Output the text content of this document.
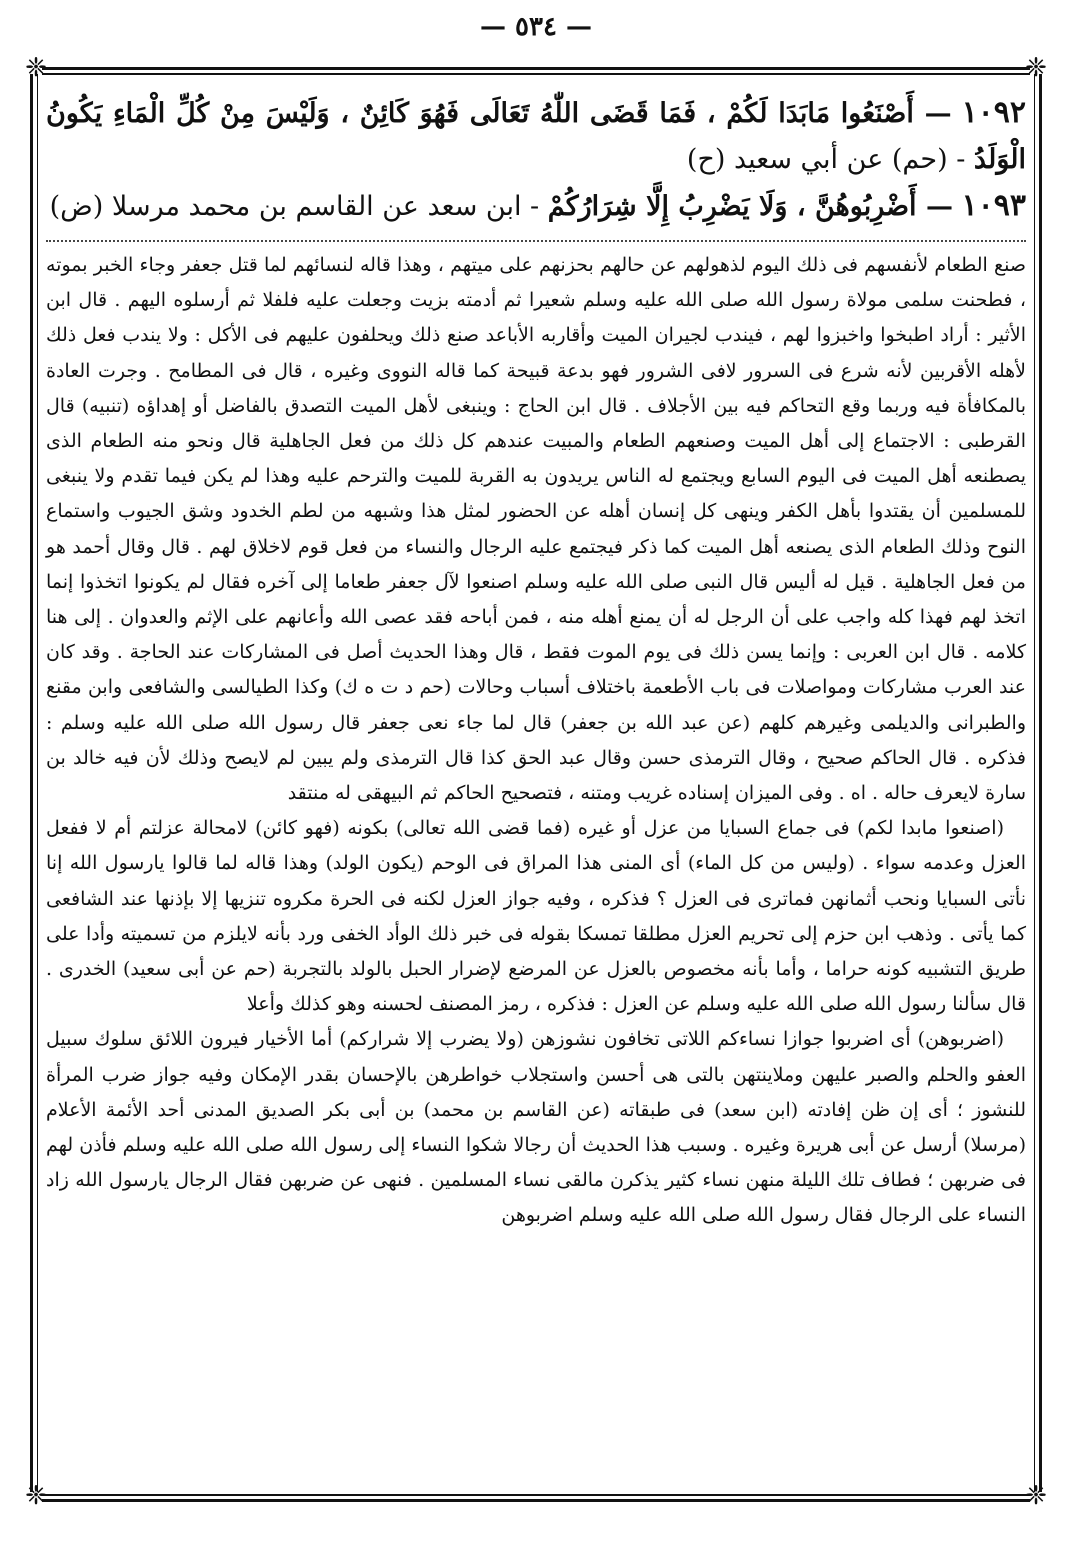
— ٥٣٤ —
❈	❈
❈	❈

١٠٩٢ — أَصْنَعُوا مَابَدَا لَكُمْ ، فَمَا قَضَى اللّٰهُ تَعَالَى فَهُوَ كَائِنٌ ، وَلَيْسَ مِنْ كُلِّ الْمَاءِ يَكُونُ الْوَلَدُ - (حم) عن أبي سعيد (ح)

١٠٩٣ — أَضْرِبُوهُنَّ ، وَلَا يَضْرِبُ إِلَّا شِرَارُكُمْ - ابن سعد عن القاسم بن محمد مرسلا (ض)

صنع الطعام لأنفسهم فى ذلك اليوم لذهولهم عن حالهم بحزنهم على ميتهم ، وهذا قاله لنسائهم لما قتل جعفر وجاء الخبر بموته ، فطحنت سلمى مولاة رسول الله صلى الله عليه وسلم شعيرا ثم أدمته بزيت وجعلت عليه فلفلا ثم أرسلوه اليهم . قال ابن الأثير : أراد اطبخوا واخبزوا لهم ، فيندب لجيران الميت وأقاربه الأباعد صنع ذلك ويحلفون عليهم فى الأكل : ولا يندب فعل ذلك لأهله الأقربين لأنه شرع فى السرور لافى الشرور فهو بدعة قبيحة كما قاله النووى وغيره ، قال فى المطامح . وجرت العادة بالمكافأة فيه وربما وقع التحاكم فيه بين الأجلاف . قال ابن الحاج : وينبغى لأهل الميت التصدق بالفاضل أو إهداؤه (تنبيه) قال القرطبى : الاجتماع إلى أهل الميت وصنعهم الطعام والمبيت عندهم كل ذلك من فعل الجاهلية قال ونحو منه الطعام الذى يصطنعه أهل الميت فى اليوم السابع ويجتمع له الناس يريدون به القربة للميت والترحم عليه وهذا لم يكن فيما تقدم ولا ينبغى للمسلمين أن يقتدوا بأهل الكفر وينهى كل إنسان أهله عن الحضور لمثل هذا وشبهه من لطم الخدود وشق الجيوب واستماع النوح وذلك الطعام الذى يصنعه أهل الميت كما ذكر فيجتمع عليه الرجال والنساء من فعل قوم لاخلاق لهم . قال وقال أحمد هو من فعل الجاهلية . قيل له أليس قال النبى صلى الله عليه وسلم اصنعوا لآل جعفر طعاما إلى آخره فقال لم يكونوا اتخذوا إنما اتخذ لهم فهذا كله واجب على أن الرجل له أن يمنع أهله منه ، فمن أباحه فقد عصى الله وأعانهم على الإثم والعدوان . إلى هنا كلامه . قال ابن العربى : وإنما يسن ذلك فى يوم الموت فقط ، قال وهذا الحديث أصل فى المشاركات عند الحاجة . وقد كان عند العرب مشاركات ومواصلات فى باب الأطعمة باختلاف أسباب وحالات (حم د ت ه ك) وكذا الطيالسى والشافعى وابن مقنع والطبرانى والديلمى وغيرهم كلهم (عن عبد الله بن جعفر) قال لما جاء نعى جعفر قال رسول الله صلى الله عليه وسلم : فذكره . قال الحاكم صحيح ، وقال الترمذى حسن وقال عبد الحق كذا قال الترمذى ولم يبين لم لايصح وذلك لأن فيه خالد بن سارة لايعرف حاله . اه . وفى الميزان إسناده غريب ومتنه ، فتصحيح الحاكم ثم البيهقى له منتقد

(اصنعوا مابدا لكم) فى جماع السبايا من عزل أو غيره (فما قضى الله تعالى) بكونه (فهو كائن) لامحالة عزلتم أم لا ففعل العزل وعدمه سواء . (وليس من كل الماء) أى المنى هذا المراق فى الوحم (يكون الولد) وهذا قاله لما قالوا يارسول الله إنا نأتى السبايا ونحب أثمانهن فماترى فى العزل ؟ فذكره ، وفيه جواز العزل لكنه فى الحرة مكروه تنزيها إلا بإذنها عند الشافعى كما يأتى . وذهب ابن حزم إلى تحريم العزل مطلقا تمسكا بقوله فى خبر ذلك الوأد الخفى ورد بأنه لايلزم من تسميته وأدا على طريق التشبيه كونه حراما ، وأما بأنه مخصوص بالعزل عن المرضع لإضرار الحبل بالولد بالتجربة (حم عن أبى سعيد) الخدرى . قال سألنا رسول الله صلى الله عليه وسلم عن العزل : فذكره ، رمز المصنف لحسنه وهو كذلك وأعلا

(اضربوهن) أى اضربوا جوازا نساءكم اللاتى تخافون نشوزهن (ولا يضرب إلا شراركم) أما الأخيار فيرون اللائق سلوك سبيل العفو والحلم والصبر عليهن وملاينتهن بالتى هى أحسن واستجلاب خواطرهن بالإحسان بقدر الإمكان وفيه جواز ضرب المرأة للنشوز ؛ أى إن ظن إفادته (ابن سعد) فى طبقاته (عن القاسم بن محمد) بن أبى بكر الصديق المدنى أحد الأئمة الأعلام (مرسلا) أرسل عن أبى هريرة وغيره . وسبب هذا الحديث أن رجالا شكوا النساء إلى رسول الله صلى الله عليه وسلم فأذن لهم فى ضربهن ؛ فطاف تلك الليلة منهن نساء كثير يذكرن مالقى نساء المسلمين . فنهى عن ضربهن فقال الرجال يارسول الله زاد النساء على الرجال فقال رسول الله صلى الله عليه وسلم اضربوهن
